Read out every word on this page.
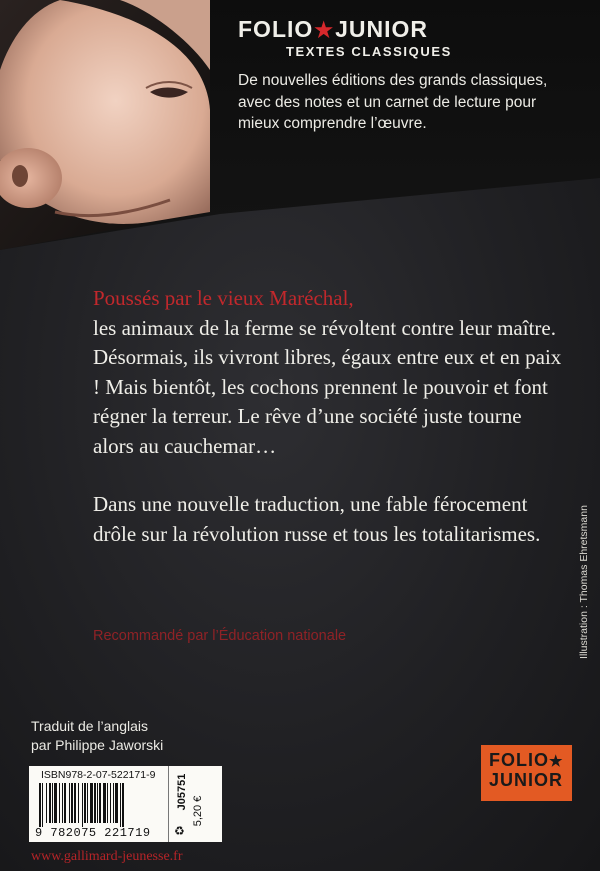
FOLIO★JUNIOR
TEXTES CLASSIQUES

De nouvelles éditions des grands classiques, avec des notes et un carnet de lecture pour mieux comprendre l’œuvre.

Poussés par le vieux Maréchal,
les animaux de la ferme se révoltent contre leur maître. Désormais, ils vivront libres, égaux entre eux et en paix ! Mais bientôt, les cochons prennent le pouvoir et font régner la terreur. Le rêve d’une société juste tourne alors au cauchemar…

Dans une nouvelle traduction, une fable férocement drôle sur la révolution russe et tous les totalitarismes.

Recommandé par l’Éducation nationale	Illustration : Thomas Ehretsmann
Traduit de l’anglais
par Philippe Jaworski
ISBN978-2-07-522171-9
9 782075 221719
J05751
5,20 €
♻
www.gallimard-jeunesse.fr
FOLIO★
JUNIOR
